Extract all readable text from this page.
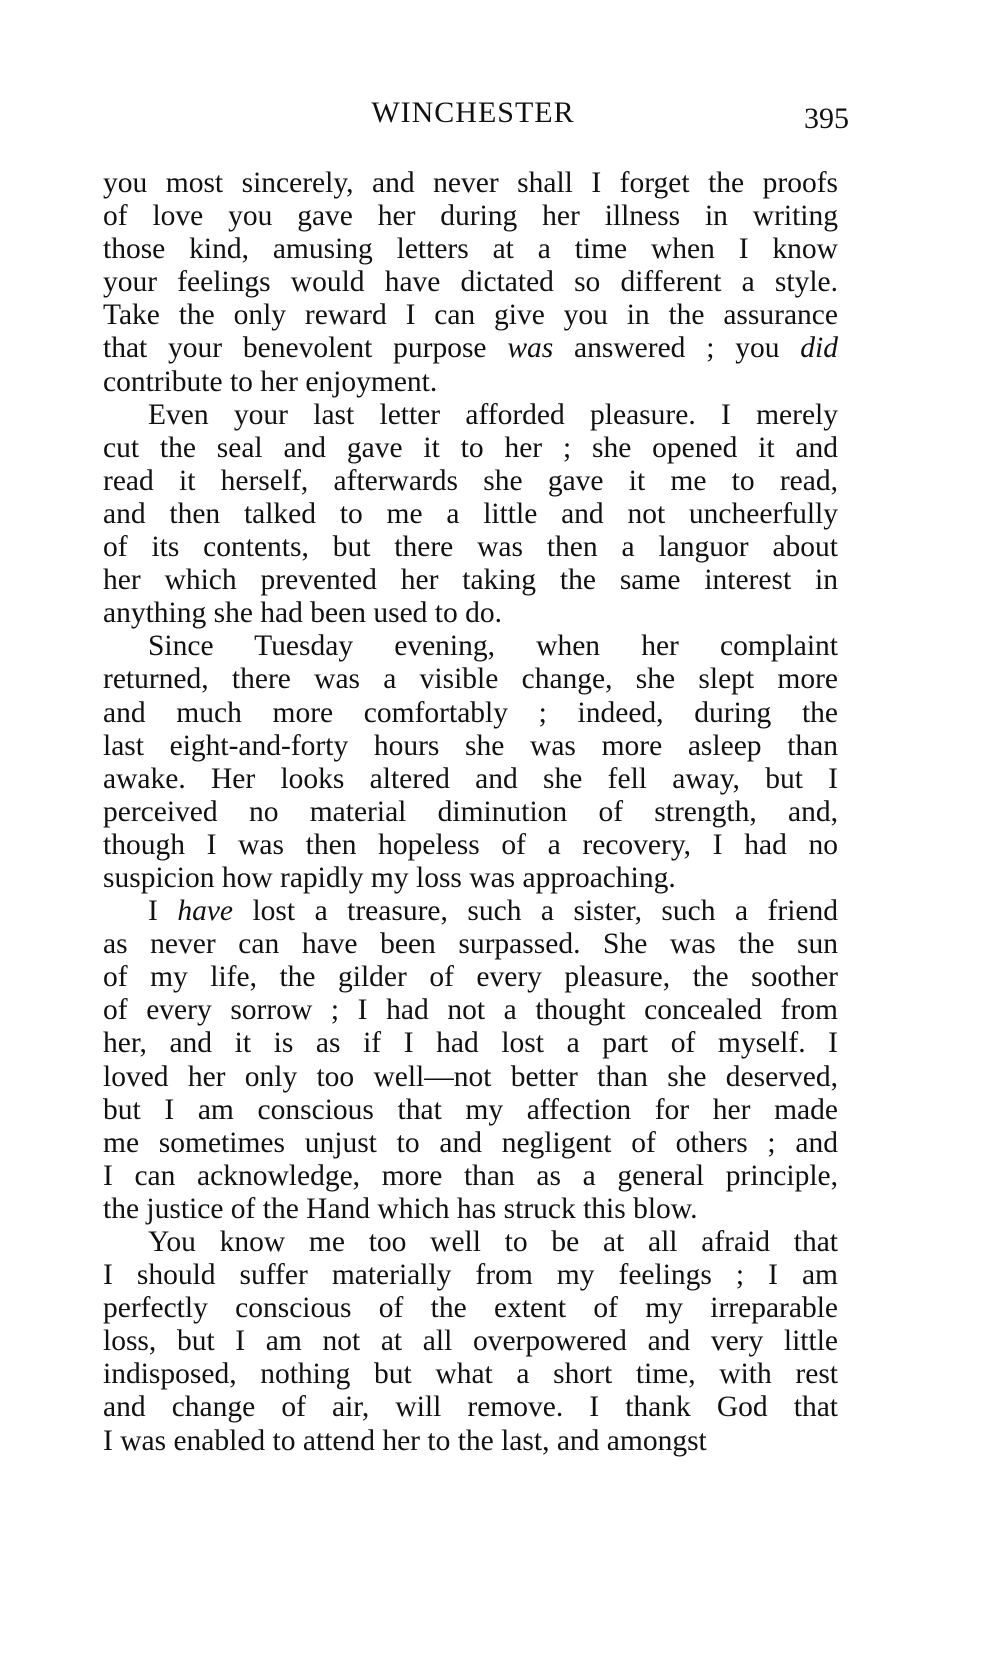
WINCHESTER	395
you most sincerely, and never shall I forget the proofs
of love you gave her during her illness in writing
those kind, amusing letters at a time when I know
your feelings would have dictated so different a style.
Take the only reward I can give you in the assurance
that your benevolent purpose was answered ; you did
contribute to her enjoyment.
Even your last letter afforded pleasure. I merely
cut the seal and gave it to her ; she opened it and
read it herself, afterwards she gave it me to read,
and then talked to me a little and not uncheerfully
of its contents, but there was then a languor about
her which prevented her taking the same interest in
anything she had been used to do.
Since Tuesday evening, when her complaint
returned, there was a visible change, she slept more
and much more comfortably ; indeed, during the
last eight-and-forty hours she was more asleep than
awake. Her looks altered and she fell away, but I
perceived no material diminution of strength, and,
though I was then hopeless of a recovery, I had no
suspicion how rapidly my loss was approaching.
I have lost a treasure, such a sister, such a friend
as never can have been surpassed. She was the sun
of my life, the gilder of every pleasure, the soother
of every sorrow ; I had not a thought concealed from
her, and it is as if I had lost a part of myself. I
loved her only too well—not better than she deserved,
but I am conscious that my affection for her made
me sometimes unjust to and negligent of others ; and
I can acknowledge, more than as a general principle,
the justice of the Hand which has struck this blow.
You know me too well to be at all afraid that
I should suffer materially from my feelings ; I am
perfectly conscious of the extent of my irreparable
loss, but I am not at all overpowered and very little
indisposed, nothing but what a short time, with rest
and change of air, will remove. I thank God that
I was enabled to attend her to the last, and amongst
